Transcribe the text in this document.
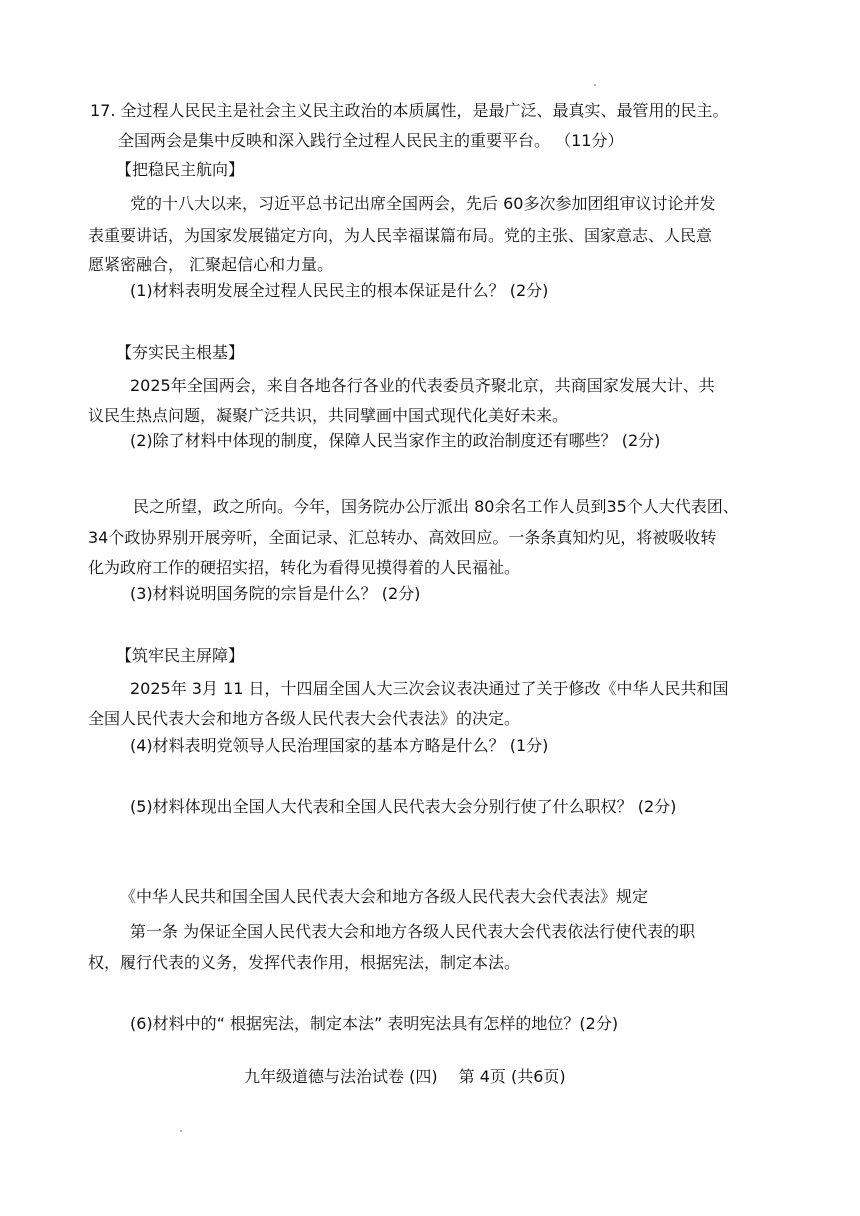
17. 全过程人民民主是社会主义民主政治的本质属性，是最广泛、最真实、最管用的民主。
全国两会是集中反映和深入践行全过程人民民主的重要平台。 （11分）
【把稳民主航向】
党的十八大以来，习近平总书记出席全国两会，先后 60多次参加团组审议讨论并发
表重要讲话，为国家发展锚定方向，为人民幸福谋篇布局。党的主张、国家意志、人民意
愿紧密融合， 汇聚起信心和力量。
(1)材料表明发展全过程人民民主的根本保证是什么？ (2分)
【夯实民主根基】
2025年全国两会，来自各地各行各业的代表委员齐聚北京，共商国家发展大计、共
议民生热点问题，凝聚广泛共识，共同擘画中国式现代化美好未来。
(2)除了材料中体现的制度，保障人民当家作主的政治制度还有哪些？ (2分)
民之所望，政之所向。今年，国务院办公厅派出 80余名工作人员到35个人大代表团、
34个政协界别开展旁听，全面记录、汇总转办、高效回应。一条条真知灼见，将被吸收转
化为政府工作的硬招实招，转化为看得见摸得着的人民福祉。
(3)材料说明国务院的宗旨是什么？ (2分)
【筑牢民主屏障】
2025年 3月 11 日，十四届全国人大三次会议表决通过了关于修改《中华人民共和国
全国人民代表大会和地方各级人民代表大会代表法》的决定。
(4)材料表明党领导人民治理国家的基本方略是什么？ (1分)
(5)材料体现出全国人大代表和全国人民代表大会分别行使了什么职权？ (2分)
《中华人民共和国全国人民代表大会和地方各级人民代表大会代表法》规定
第一条 为保证全国人民代表大会和地方各级人民代表大会代表依法行使代表的职
权，履行代表的义务，发挥代表作用，根据宪法，制定本法。
(6)材料中的“ 根据宪法，制定本法” 表明宪法具有怎样的地位？(2分)
九年级道德与法治试卷 (四)　 第 4页 (共6页)
